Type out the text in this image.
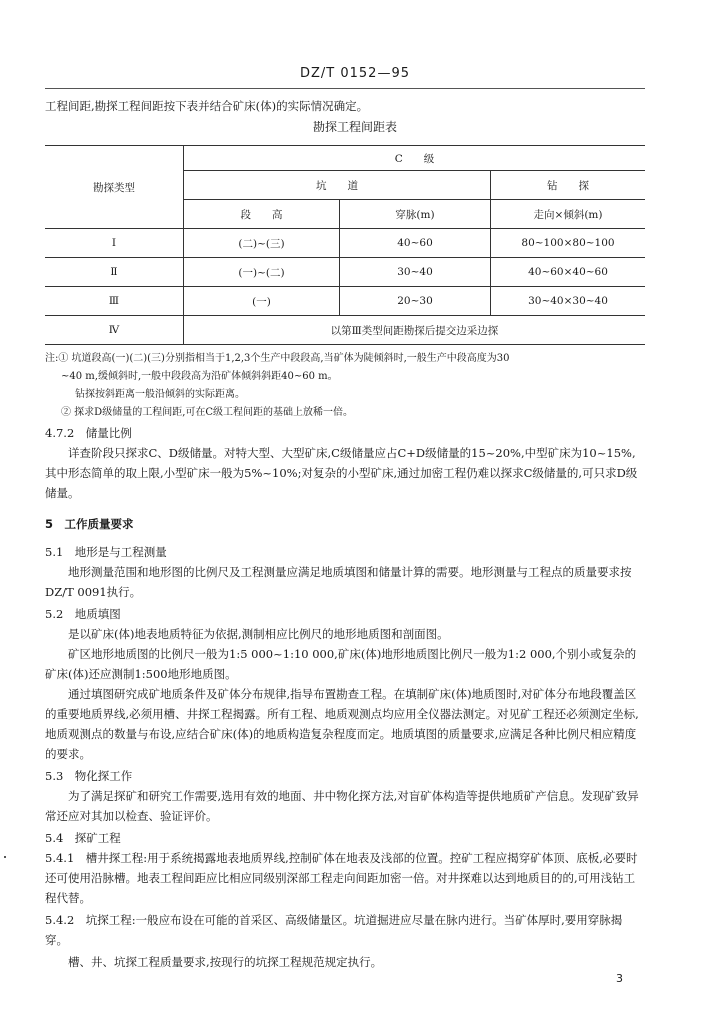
DZ/T 0152—95
工程间距,勘探工程间距按下表并结合矿床(体)的实际情况确定。
勘探工程间距表
勘探类型	C　　级		
	坑　　道		钻　　探
	段　　高	穿脉(m)	走向×倾斜(m)
Ⅰ	(二)~(三)	40~60	80~100×80~100
Ⅱ	(一)~(二)	30~40	40~60×40~60
Ⅲ	(一)	20~30	30~40×30~40
Ⅳ	以第Ⅲ类型间距勘探后提交边采边探		
注:① 坑道段高(一)(二)(三)分别指相当于1,2,3个生产中段段高,当矿体为陡倾斜时,一般生产中段高度为30
~40 m,缓倾斜时,一般中段段高为沿矿体倾斜斜距40~60 m。
钻探按斜距离一般沿倾斜的实际距离。
② 探求D级储量的工程间距,可在C级工程间距的基础上放稀一倍。
4.7.2　储量比例
详查阶段只探求C、D级储量。对特大型、大型矿床,C级储量应占C+D级储量的15~20%,中型矿床为10~15%,其中形态简单的取上限,小型矿床一般为5%~10%;对复杂的小型矿床,通过加密工程仍难以探求C级储量的,可只求D级储量。
5　工作质量要求
5.1　地形是与工程测量
地形测量范围和地形图的比例尺及工程测量应满足地质填图和储量计算的需要。地形测量与工程点的质量要求按DZ/T 0091执行。
5.2　地质填图
是以矿床(体)地表地质特征为依据,测制相应比例尺的地形地质图和剖面图。
矿区地形地质图的比例尺一般为1:5 000~1:10 000,矿床(体)地形地质图比例尺一般为1:2 000,个别小或复杂的矿床(体)还应测制1:500地形地质图。
通过填图研究成矿地质条件及矿体分布规律,指导布置勘查工程。在填制矿床(体)地质图时,对矿体分布地段覆盖区的重要地质界线,必须用槽、井探工程揭露。所有工程、地质观测点均应用全仪器法测定。对见矿工程还必须测定坐标,地质观测点的数量与布设,应结合矿床(体)的地质构造复杂程度而定。地质填图的质量要求,应满足各种比例尺相应精度的要求。
5.3　物化探工作
为了满足探矿和研究工作需要,选用有效的地面、井中物化探方法,对盲矿体构造等提供地质矿产信息。发现矿致异常还应对其加以检查、验证评价。
5.4　探矿工程
5.4.1　槽井探工程:用于系统揭露地表地质界线,控制矿体在地表及浅部的位置。控矿工程应揭穿矿体顶、底板,必要时还可使用沿脉槽。地表工程间距应比相应同级别深部工程走向间距加密一倍。对井探难以达到地质目的的,可用浅钻工程代替。
5.4.2　坑探工程:一般应布设在可能的首采区、高级储量区。坑道掘进应尽量在脉内进行。当矿体厚时,要用穿脉揭穿。
槽、井、坑探工程质量要求,按现行的坑探工程规范规定执行。
3
